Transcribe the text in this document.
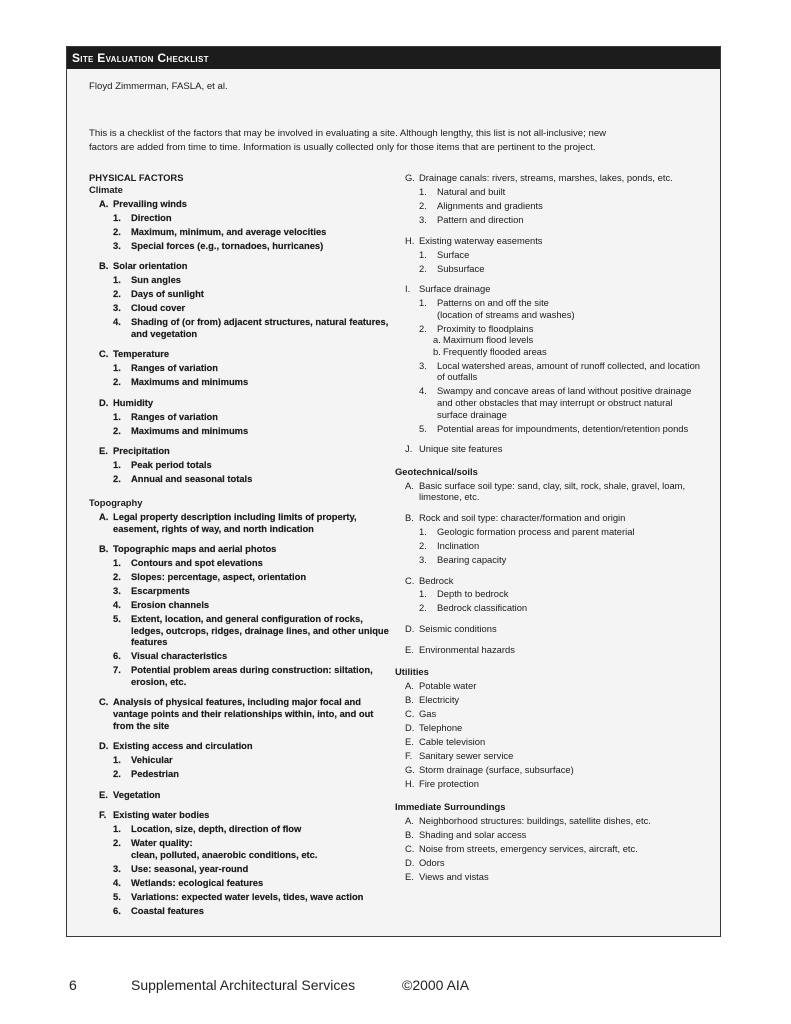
Site Evaluation Checklist
Floyd Zimmerman, FASLA, et al.
This is a checklist of the factors that may be involved in evaluating a site. Although lengthy, this list is not all-inclusive; new
factors are added from time to time. Information is usually collected only for those items that are pertinent to the project.
PHYSICAL FACTORS
Climate
A. Prevailing winds
1. Direction
2. Maximum, minimum, and average velocities
3. Special forces (e.g., tornadoes, hurricanes)
B. Solar orientation
1. Sun angles
2. Days of sunlight
3. Cloud cover
4. Shading of (or from) adjacent structures, natural features, and vegetation
C. Temperature
1. Ranges of variation
2. Maximums and minimums
D. Humidity
1. Ranges of variation
2. Maximums and minimums
E. Precipitation
1. Peak period totals
2. Annual and seasonal totals
Topography
A. Legal property description including limits of property, easement, rights of way, and north indication
B. Topographic maps and aerial photos
1. Contours and spot elevations
2. Slopes: percentage, aspect, orientation
3. Escarpments
4. Erosion channels
5. Extent, location, and general configuration of rocks, ledges, outcrops, ridges, drainage lines, and other unique features
6. Visual characteristics
7. Potential problem areas during construction: siltation, erosion, etc.
C. Analysis of physical features, including major focal and vantage points and their relationships within, into, and out from the site
D. Existing access and circulation
1. Vehicular
2. Pedestrian
E. Vegetation
F. Existing water bodies
1. Location, size, depth, direction of flow
2. Water quality:
clean, polluted, anaerobic conditions, etc.
3. Use: seasonal, year-round
4. Wetlands: ecological features
5. Variations: expected water levels, tides, wave action
6. Coastal features
G. Drainage canals: rivers, streams, marshes, lakes, ponds, etc.
1. Natural and built
2. Alignments and gradients
3. Pattern and direction
H. Existing waterway easements
1. Surface
2. Subsurface
I. Surface drainage
1. Patterns on and off the site
(location of streams and washes)
2. Proximity to floodplains
a. Maximum flood levels
b. Frequently flooded areas
3. Local watershed areas, amount of runoff collected, and location of outfalls
4. Swampy and concave areas of land without positive drainage and other obstacles that may interrupt or obstruct natural surface drainage
5. Potential areas for impoundments, detention/retention ponds
J. Unique site features
Geotechnical/soils
A. Basic surface soil type: sand, clay, silt, rock, shale, gravel, loam, limestone, etc.
B. Rock and soil type: character/formation and origin
1. Geologic formation process and parent material
2. Inclination
3. Bearing capacity
C. Bedrock
1. Depth to bedrock
2. Bedrock classification
D. Seismic conditions
E. Environmental hazards
Utilities
A. Potable water
B. Electricity
C. Gas
D. Telephone
E. Cable television
F. Sanitary sewer service
G. Storm drainage (surface, subsurface)
H. Fire protection
Immediate Surroundings
A. Neighborhood structures: buildings, satellite dishes, etc.
B. Shading and solar access
C. Noise from streets, emergency services, aircraft, etc.
D. Odors
E. Views and vistas
6	Supplemental Architectural Services	©2000 AIA
